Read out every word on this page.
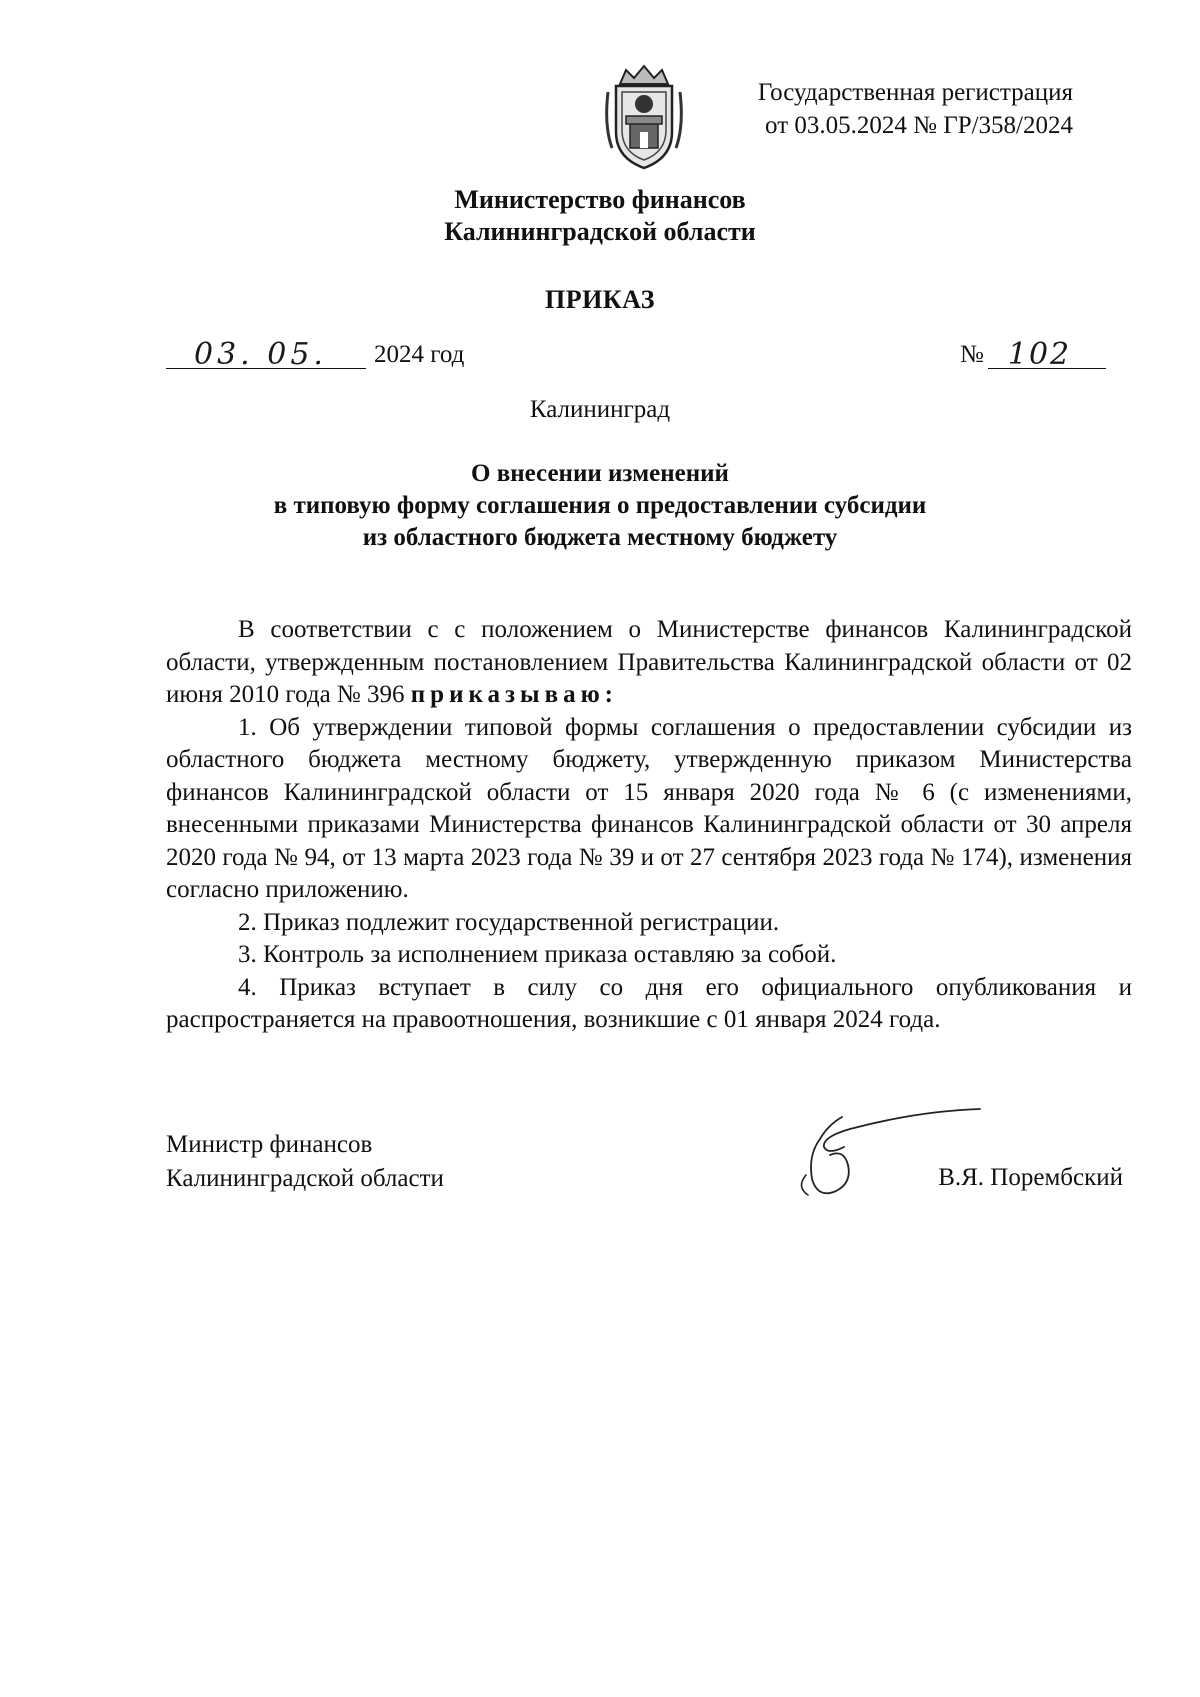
Государственная регистрация
от 03.05.2024 № ГР/358/2024
Министерство финансов
Калининградской области
ПРИКАЗ
03. 05. 2024 год	№ 102
Калининград
О внесении изменений
в типовую форму соглашения о предоставлении субсидии
из областного бюджета местному бюджету

В соответствии с с положением о Министерстве финансов Калининградской области, утвержденным постановлением Правительства Калининградской области от 02 июня 2010 года № 396 приказываю:

1. Об утверждении типовой формы соглашения о предоставлении субсидии из областного бюджета местному бюджету, утвержденную приказом Министерства финансов Калининградской области от 15 января 2020 года № 6 (с изменениями, внесенными приказами Министерства финансов Калининградской области от 30 апреля 2020 года № 94, от 13 марта 2023 года № 39 и от 27 сентября 2023 года № 174), изменения согласно приложению.

2. Приказ подлежит государственной регистрации.

3. Контроль за исполнением приказа оставляю за собой.

4. Приказ вступает в силу со дня его официального опубликования и распространяется на правоотношения, возникшие с 01 января 2024 года.

Министр финансов
Калининградской области	В.Я. Порембский
